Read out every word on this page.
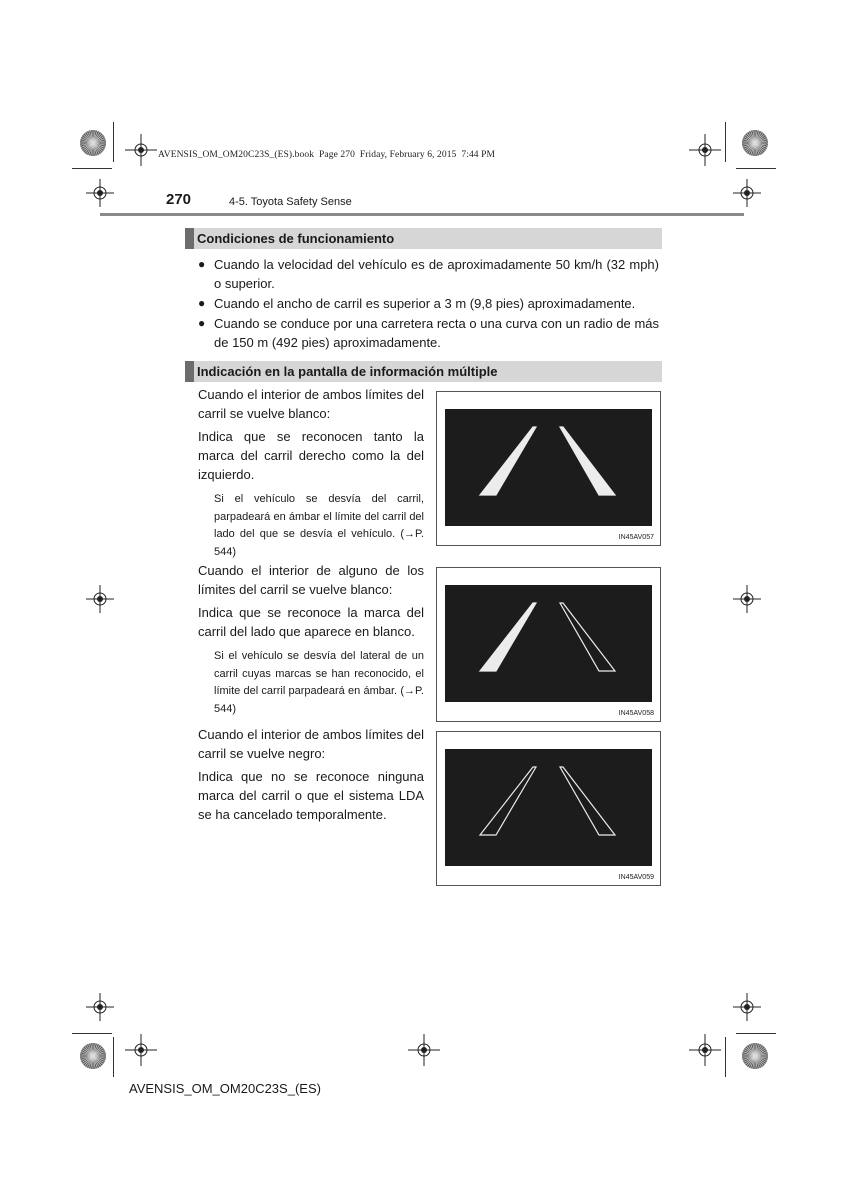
AVENSIS_OM_OM20C23S_(ES).book Page 270 Friday, February 6, 2015 7:44 PM
270	4-5. Toyota Safety Sense
Condiciones de funcionamiento
● Cuando la velocidad del vehículo es de aproximadamente 50 km/h (32 mph) o superior.
● Cuando el ancho de carril es superior a 3 m (9,8 pies) aproximadamente.
● Cuando se conduce por una carretera recta o una curva con un radio de más de 150 m (492 pies) aproximadamente.
Indicación en la pantalla de información múltiple

Cuando el interior de ambos límites del carril se vuelve blanco:

Indica que se reconocen tanto la marca del carril derecho como la del izquierdo.

Si el vehículo se desvía del carril, parpadeará en ámbar el límite del carril del lado del que se desvía el vehículo. (→P. 544)

IN45AV057

Cuando el interior de alguno de los límites del carril se vuelve blanco:

Indica que se reconoce la marca del carril del lado que aparece en blanco.

Si el vehículo se desvía del lateral de un carril cuyas marcas se han reconocido, el límite del carril parpadeará en ámbar. (→P. 544)	IN45AV058

Cuando el interior de ambos límites del carril se vuelve negro:

Indica que no se reconoce ninguna marca del carril o que el sistema LDA se ha cancelado temporalmente.

IN45AV059
AVENSIS_OM_OM20C23S_(ES)
